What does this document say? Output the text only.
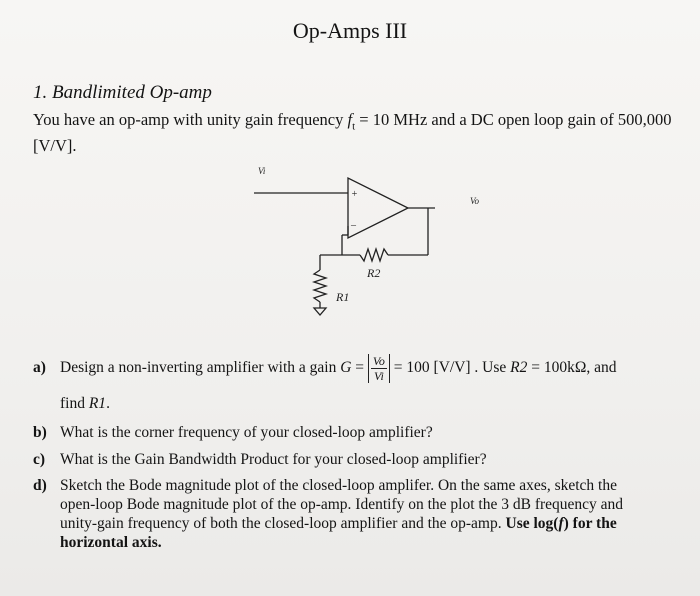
Op-Amps III
1. Bandlimited Op-amp
You have an op-amp with unity gain frequency $f_t = 10$ MHz and a DC open loop gain of 500,000
[V/V].
+
–
Vi
Vo
R2
R1
a) Design a non-inverting amplifier with a gain $G = \frac{Vo}{Vi} = 100$ [V/V] . Use R2 = 100kΩ, and
find R1.
b) What is the corner frequency of your closed-loop amplifier?
c) What is the Gain Bandwidth Product for your closed-loop amplifier?
d) Sketch the Bode magnitude plot of the closed-loop amplifer. On the same axes, sketch the open-loop Bode magnitude plot of the op-amp. Identify on the plot the 3 dB frequency and unity-gain frequency of both the closed-loop amplifier and the op-amp. Use log(f) for the horizontal axis.
